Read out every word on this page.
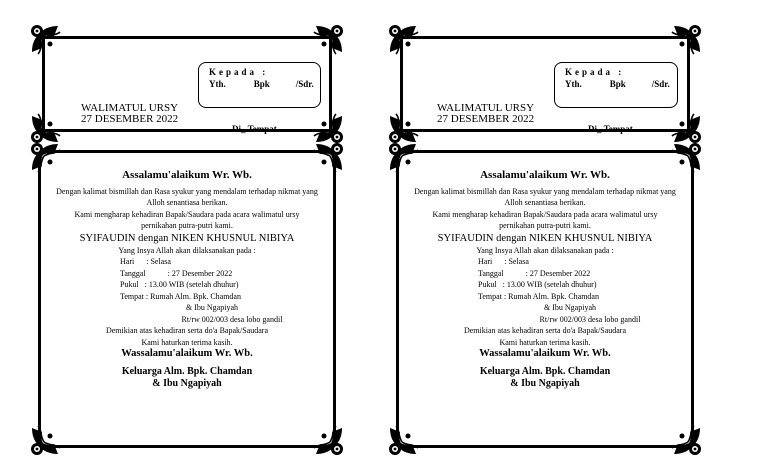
Kepada :
Yth.	Bpk	/Sdr.
WALIMATUL URSY
27 DESEMBER 2022
Di_ Tempat
Assalamu'alaikum Wr. Wb.
Dengan kalimat bismillah dan Rasa syukur yang mendalam terhadap nikmat yang
Alloh senantiasa berikan.
Kami mengharap kehadiran Bapak/Saudara pada acara walimatul ursy
pernikahan putra-putri kami.
SYIFAUDIN dengan NIKEN KHUSNUL NIBIYA
Yang Insya Allah akan dilaksanakan pada :
Hari      : Selasa
Tanggal           : 27 Desember 2022
Pukul   : 13.00 WIB (setelah dhuhur)
Tempat : Rumah Alm. Bpk. Chamdan
& Ibu Ngapiyah
Rt/rw 002/003 desa lobo gandil
Demikian atas kehadiran serta do'a Bapak/Saudara
Kami haturkan terima kasih.
Wassalamu'alaikum Wr. Wb.
Keluarga Alm. Bpk. Chamdan
& Ibu Ngapiyah
Kepada :
Yth.	Bpk	/Sdr.
WALIMATUL URSY
27 DESEMBER 2022
Di_ Tempat
Assalamu'alaikum Wr. Wb.
Dengan kalimat bismillah dan Rasa syukur yang mendalam terhadap nikmat yang
Alloh senantiasa berikan.
Kami mengharap kehadiran Bapak/Saudara pada acara walimatul ursy
pernikahan putra-putri kami.
SYIFAUDIN dengan NIKEN KHUSNUL NIBIYA
Yang Insya Allah akan dilaksanakan pada :
Hari      : Selasa
Tanggal           : 27 Desember 2022
Pukul   : 13.00 WIB (setelah dhuhur)
Tempat : Rumah Alm. Bpk. Chamdan
& Ibu Ngapiyah
Rt/rw 002/003 desa lobo gandil
Demikian atas kehadiran serta do'a Bapak/Saudara
Kami haturkan terima kasih.
Wassalamu'alaikum Wr. Wb.
Keluarga Alm. Bpk. Chamdan
& Ibu Ngapiyah
